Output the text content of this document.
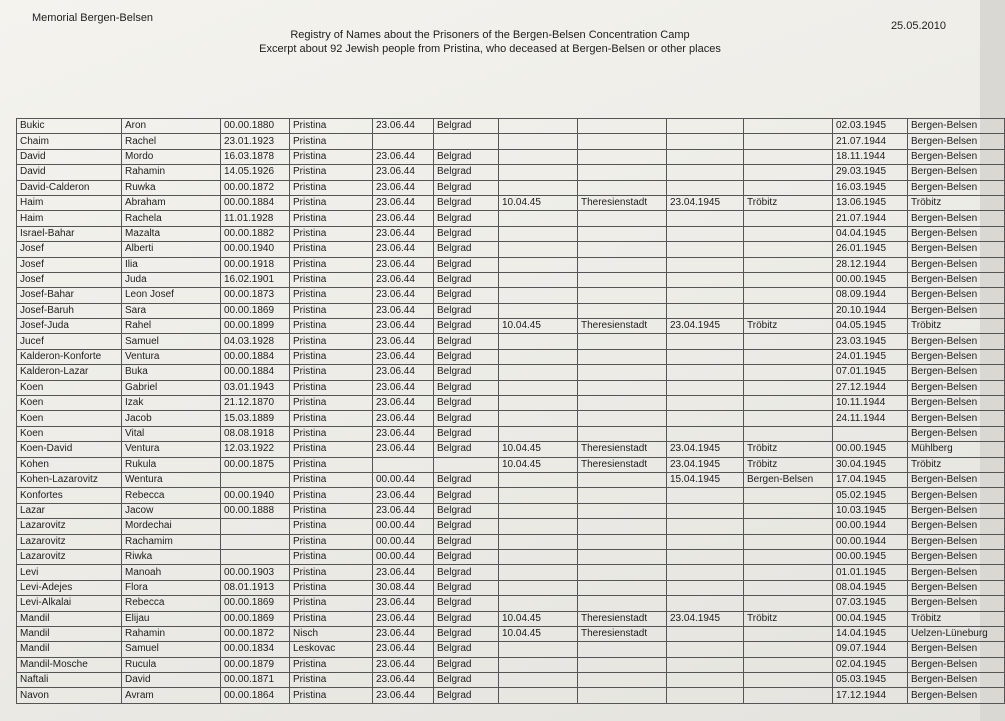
Memorial Bergen-Belsen
25.05.2010
Registry of Names about the Prisoners of the Bergen-Belsen Concentration Camp
Excerpt about 92 Jewish people from Pristina, who deceased at Bergen-Belsen or other places
Bukic	Aron	00.00.1880	Pristina	23.06.44	Belgrad					02.03.1945	Bergen-Belsen
Chaim	Rachel	23.01.1923	Pristina							21.07.1944	Bergen-Belsen
David	Mordo	16.03.1878	Pristina	23.06.44	Belgrad					18.11.1944	Bergen-Belsen
David	Rahamin	14.05.1926	Pristina	23.06.44	Belgrad					29.03.1945	Bergen-Belsen
David-Calderon	Ruwka	00.00.1872	Pristina	23.06.44	Belgrad					16.03.1945	Bergen-Belsen
Haim	Abraham	00.00.1884	Pristina	23.06.44	Belgrad	10.04.45	Theresienstadt	23.04.1945	Tröbitz	13.06.1945	Tröbitz
Haim	Rachela	11.01.1928	Pristina	23.06.44	Belgrad					21.07.1944	Bergen-Belsen
Israel-Bahar	Mazalta	00.00.1882	Pristina	23.06.44	Belgrad					04.04.1945	Bergen-Belsen
Josef	Alberti	00.00.1940	Pristina	23.06.44	Belgrad					26.01.1945	Bergen-Belsen
Josef	Ilia	00.00.1918	Pristina	23.06.44	Belgrad					28.12.1944	Bergen-Belsen
Josef	Juda	16.02.1901	Pristina	23.06.44	Belgrad					00.00.1945	Bergen-Belsen
Josef-Bahar	Leon Josef	00.00.1873	Pristina	23.06.44	Belgrad					08.09.1944	Bergen-Belsen
Josef-Baruh	Sara	00.00.1869	Pristina	23.06.44	Belgrad					20.10.1944	Bergen-Belsen
Josef-Juda	Rahel	00.00.1899	Pristina	23.06.44	Belgrad	10.04.45	Theresienstadt	23.04.1945	Tröbitz	04.05.1945	Tröbitz
Jucef	Samuel	04.03.1928	Pristina	23.06.44	Belgrad					23.03.1945	Bergen-Belsen
Kalderon-Konforte	Ventura	00.00.1884	Pristina	23.06.44	Belgrad					24.01.1945	Bergen-Belsen
Kalderon-Lazar	Buka	00.00.1884	Pristina	23.06.44	Belgrad					07.01.1945	Bergen-Belsen
Koen	Gabriel	03.01.1943	Pristina	23.06.44	Belgrad					27.12.1944	Bergen-Belsen
Koen	Izak	21.12.1870	Pristina	23.06.44	Belgrad					10.11.1944	Bergen-Belsen
Koen	Jacob	15.03.1889	Pristina	23.06.44	Belgrad					24.11.1944	Bergen-Belsen
Koen	Vital	08.08.1918	Pristina	23.06.44	Belgrad						Bergen-Belsen
Koen-David	Ventura	12.03.1922	Pristina	23.06.44	Belgrad	10.04.45	Theresienstadt	23.04.1945	Tröbitz	00.00.1945	Mühlberg
Kohen	Rukula	00.00.1875	Pristina			10.04.45	Theresienstadt	23.04.1945	Tröbitz	30.04.1945	Tröbitz
Kohen-Lazarovitz	Wentura		Pristina	00.00.44	Belgrad			15.04.1945	Bergen-Belsen	17.04.1945	Bergen-Belsen
Konfortes	Rebecca	00.00.1940	Pristina	23.06.44	Belgrad					05.02.1945	Bergen-Belsen
Lazar	Jacow	00.00.1888	Pristina	23.06.44	Belgrad					10.03.1945	Bergen-Belsen
Lazarovitz	Mordechai		Pristina	00.00.44	Belgrad					00.00.1944	Bergen-Belsen
Lazarovitz	Rachamim		Pristina	00.00.44	Belgrad					00.00.1944	Bergen-Belsen
Lazarovitz	Riwka		Pristina	00.00.44	Belgrad					00.00.1945	Bergen-Belsen
Levi	Manoah	00.00.1903	Pristina	23.06.44	Belgrad					01.01.1945	Bergen-Belsen
Levi-Adejes	Flora	08.01.1913	Pristina	30.08.44	Belgrad					08.04.1945	Bergen-Belsen
Levi-Alkalai	Rebecca	00.00.1869	Pristina	23.06.44	Belgrad					07.03.1945	Bergen-Belsen
Mandil	Elijau	00.00.1869	Pristina	23.06.44	Belgrad	10.04.45	Theresienstadt	23.04.1945	Tröbitz	00.04.1945	Tröbitz
Mandil	Rahamin	00.00.1872	Nisch	23.06.44	Belgrad	10.04.45	Theresienstadt			14.04.1945	Uelzen-Lüneburg
Mandil	Samuel	00.00.1834	Leskovac	23.06.44	Belgrad					09.07.1944	Bergen-Belsen
Mandil-Mosche	Rucula	00.00.1879	Pristina	23.06.44	Belgrad					02.04.1945	Bergen-Belsen
Naftali	David	00.00.1871	Pristina	23.06.44	Belgrad					05.03.1945	Bergen-Belsen
Navon	Avram	00.00.1864	Pristina	23.06.44	Belgrad					17.12.1944	Bergen-Belsen
